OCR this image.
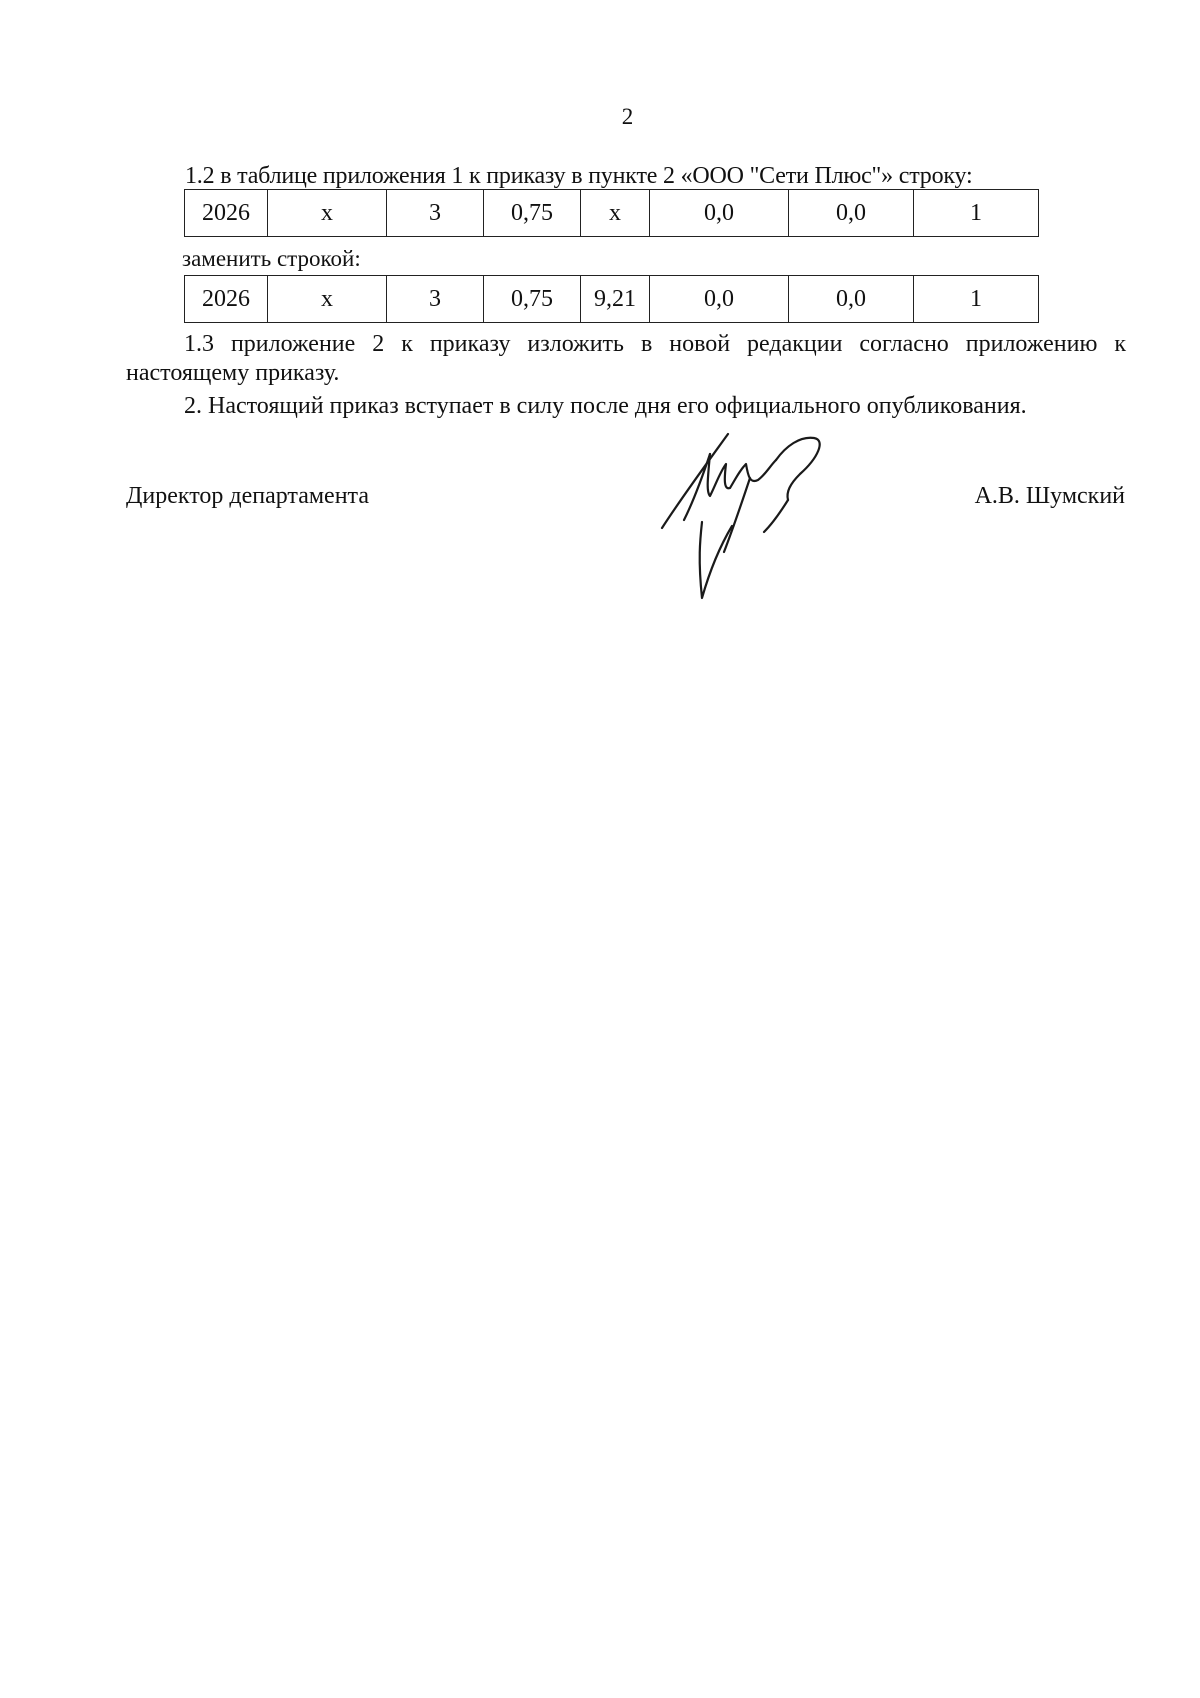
2
1.2 в таблице приложения 1 к приказу в пункте 2 «ООО "Сети Плюс"» строку:
2026	х	3	0,75	х	0,0	0,0	1
заменить строкой:
2026	х	3	0,75	9,21	0,0	0,0	1
1.3 приложение 2 к приказу изложить в новой редакции согласно приложению к настоящему приказу.
2. Настоящий приказ вступает в силу после дня его официального опубликования.
Директор департамента	А.В. Шумский
